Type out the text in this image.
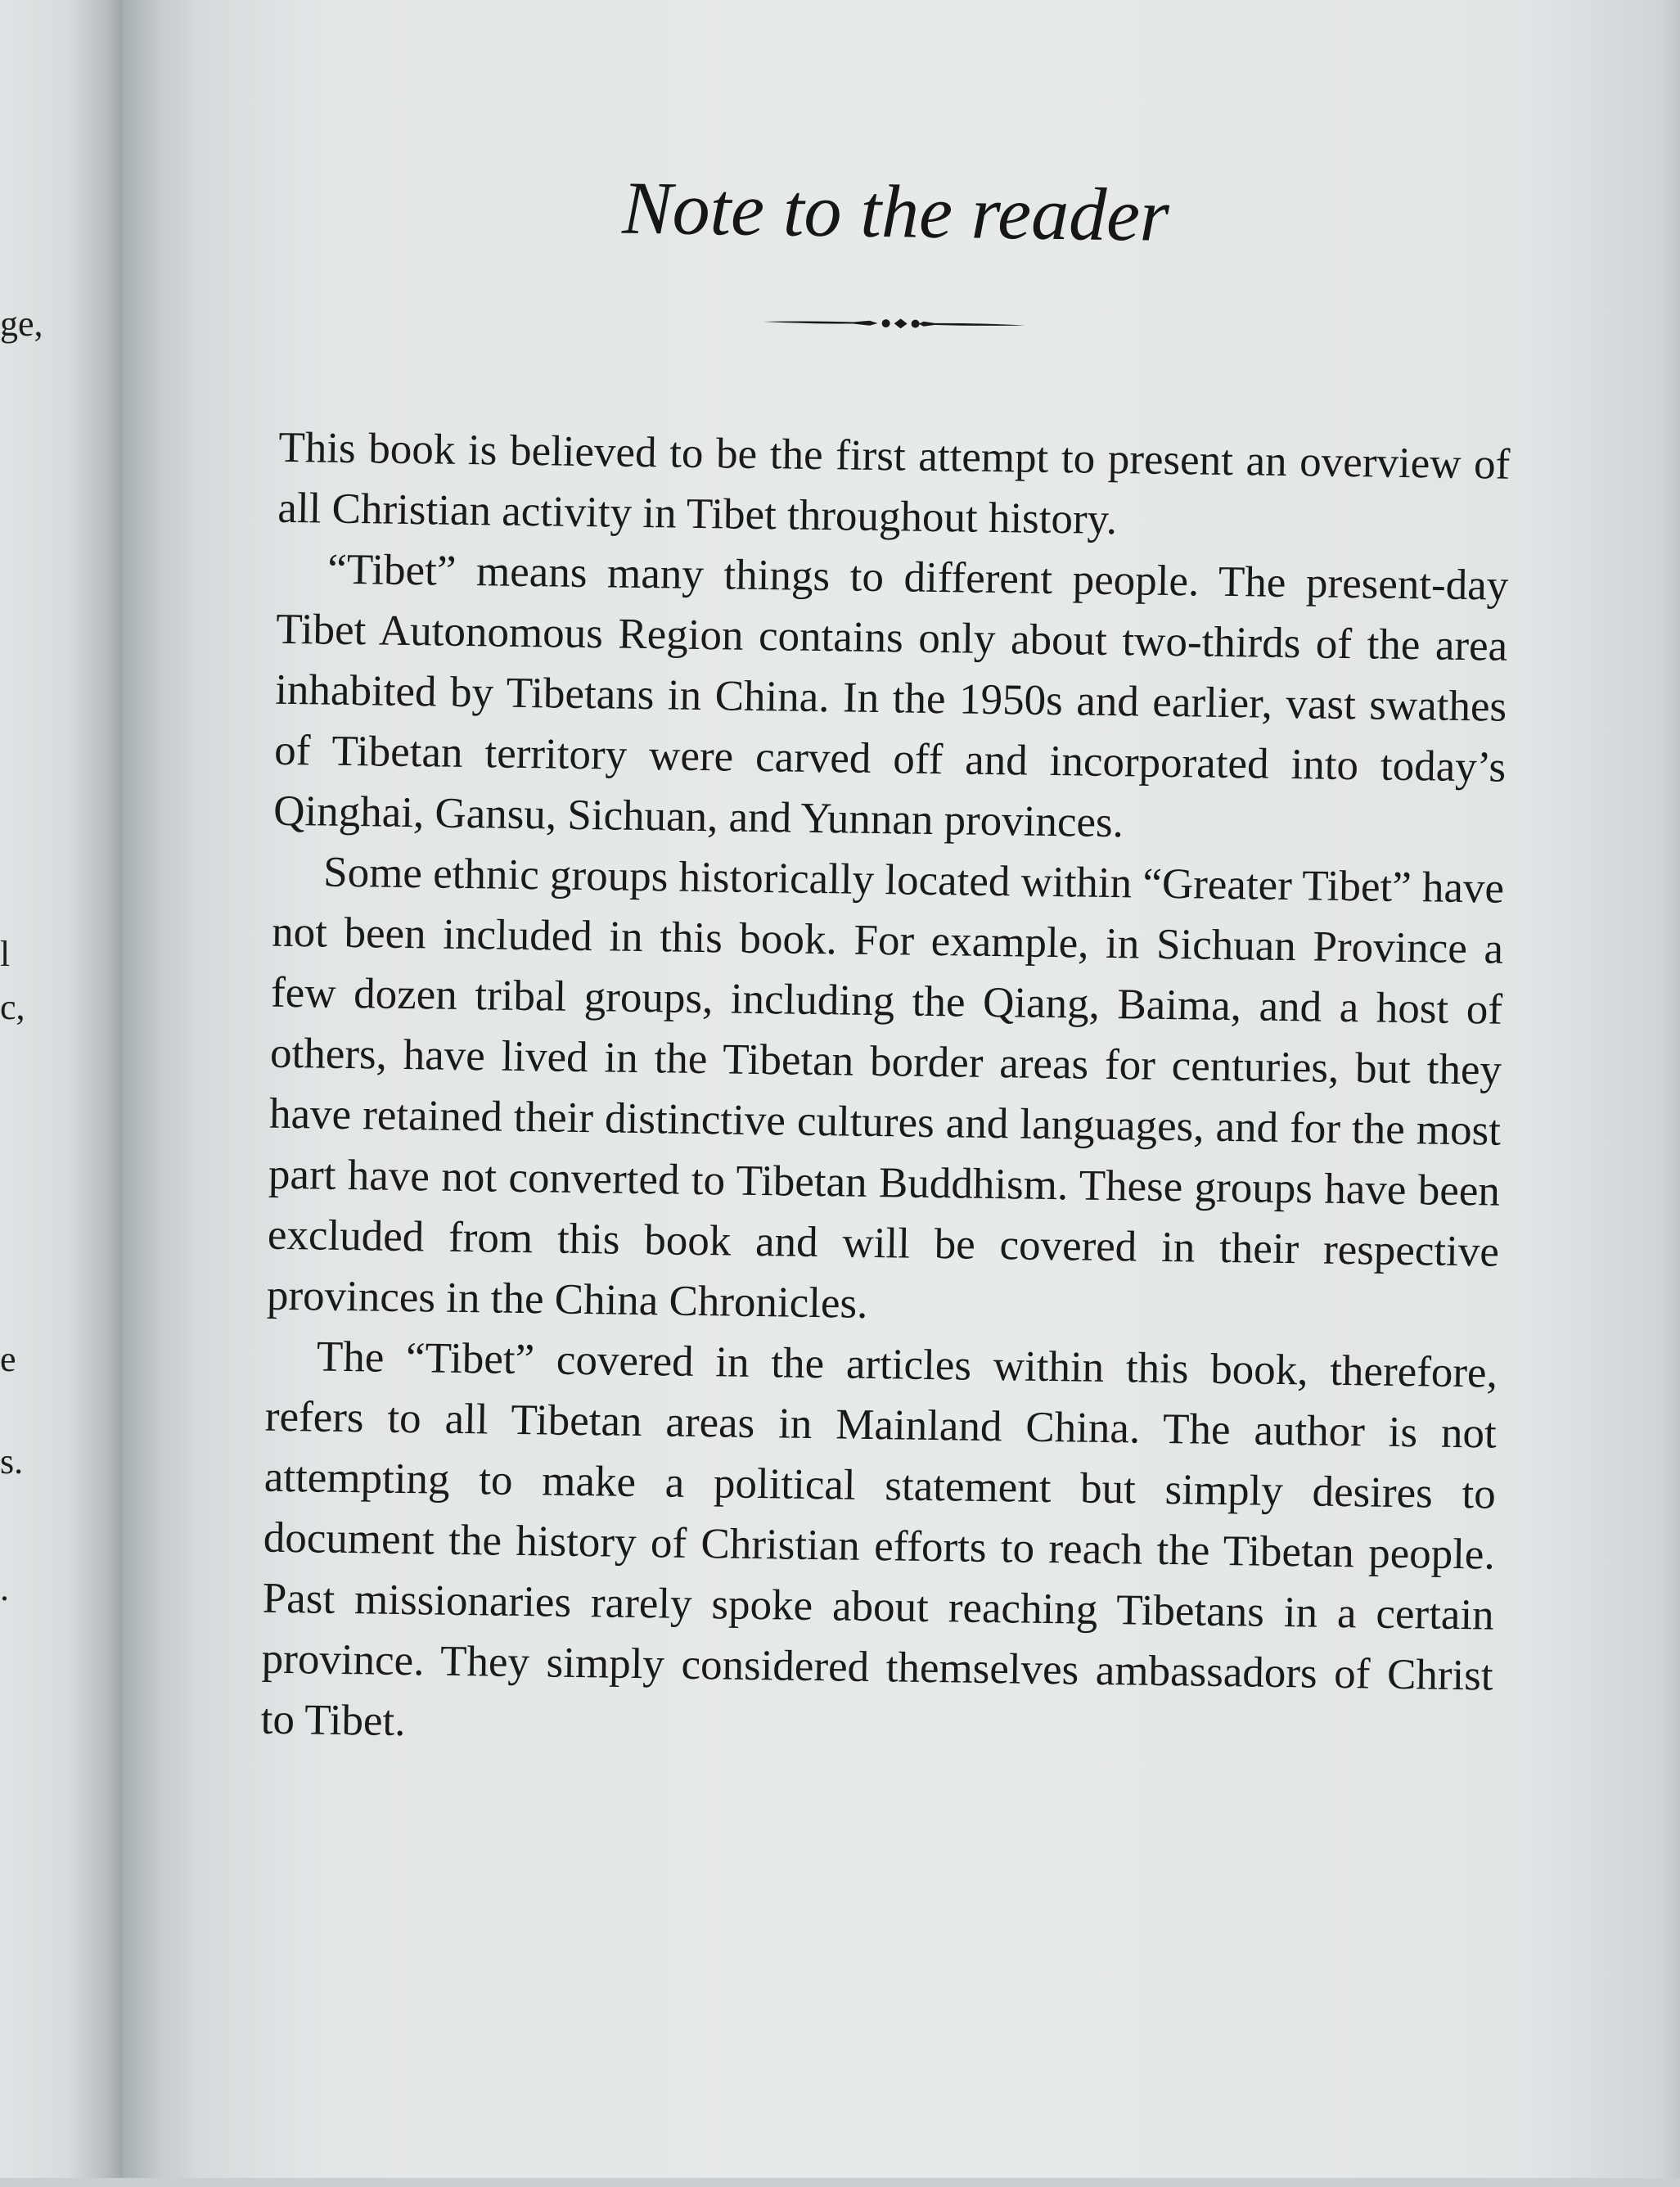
ge,
l
c,
e
s.
.
Note to the reader

This book is believed to be the first attempt to present an overview of all Christian activity in Tibet throughout history.

“Tibet” means many things to different people. The present-day Tibet Autonomous Region contains only about two-thirds of the area inhabited by Tibetans in China. In the 1950s and earlier, vast swathes of Tibetan territory were carved off and incorporated into today’s Qinghai, Gansu, Sichuan, and Yunnan provinces.

Some ethnic groups historically located within “Greater Tibet” have not been included in this book. For example, in Sichuan Province a few dozen tribal groups, including the Qiang, Baima, and a host of others, have lived in the Tibetan border areas for centuries, but they have retained their distinctive cultures and languages, and for the most part have not converted to Tibetan Buddhism. These groups have been excluded from this book and will be covered in their respective provinces in the China Chronicles.

The “Tibet” covered in the articles within this book, therefore, refers to all Tibetan areas in Mainland China. The author is not attempting to make a political statement but simply desires to document the history of Christian efforts to reach the Tibetan people. Past missionaries rarely spoke about reaching Tibetans in a certain province. They simply considered themselves ambassadors of Christ to Tibet.
